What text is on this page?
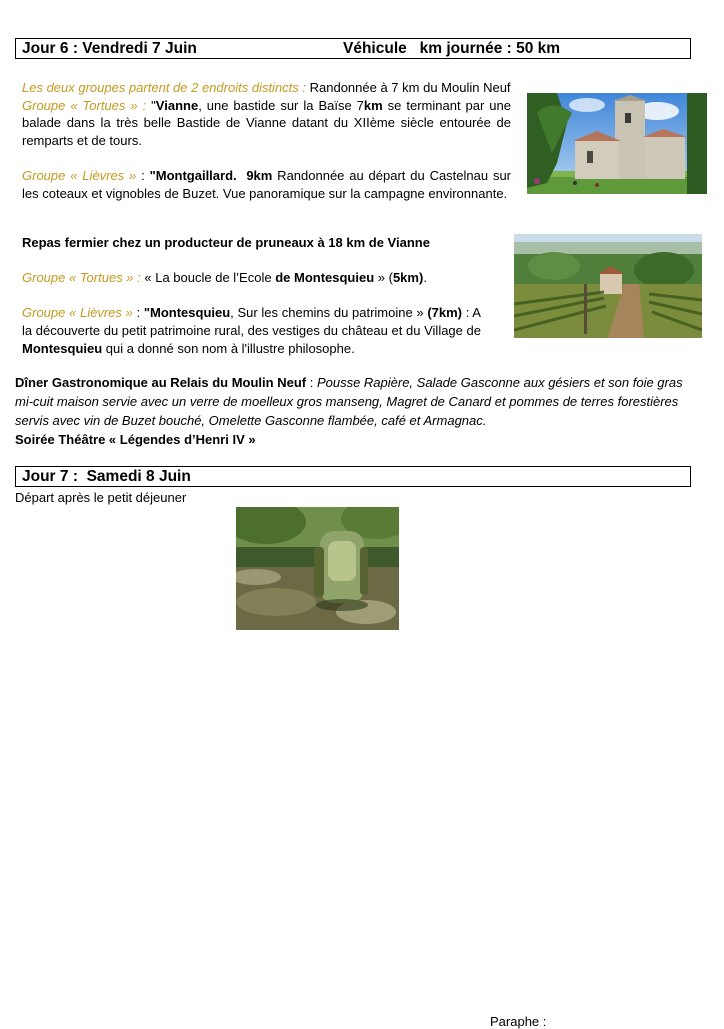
Jour 6 : Vendredi 7 Juin	Véhicule   km journée : 50 km

Les deux groupes partent de 2 endroits distincts : Randonnée à 7 km du Moulin Neuf

Groupe « Tortues » : "Vianne, une bastide sur la Baïse 7km se terminant par une balade dans la très belle Bastide de Vianne datant du XIIème siècle entourée de remparts et de tours.

Groupe « Lièvres » : "Montgaillard.  9km Randonnée au départ du Castelnau sur les coteaux et vignobles de Buzet. Vue panoramique sur la campagne environnante.

Repas fermier chez un producteur de pruneaux à 18 km de Vianne

Groupe « Tortues » : « La boucle de l’Ecole de Montesquieu » (5km).

Groupe « Lièvres » : "Montesquieu, Sur les chemins du patrimoine » (7km) : A la découverte du petit patrimoine rural, des vestiges du château et du Village de Montesquieu qui a donné son nom à l'illustre philosophe.

Dîner Gastronomique au Relais du Moulin Neuf : Pousse Rapière, Salade Gasconne aux gésiers et son foie gras mi-cuit maison servie avec un verre de moelleux gros manseng, Magret de Canard et pommes de terres forestières servis avec vin de Buzet bouché, Omelette Gasconne flambée, café et Armagnac.

Soirée Théâtre « Légendes d’Henri IV »

Jour 7 :  Samedi 8 Juin
Départ après le petit déjeuner
Paraphe :
